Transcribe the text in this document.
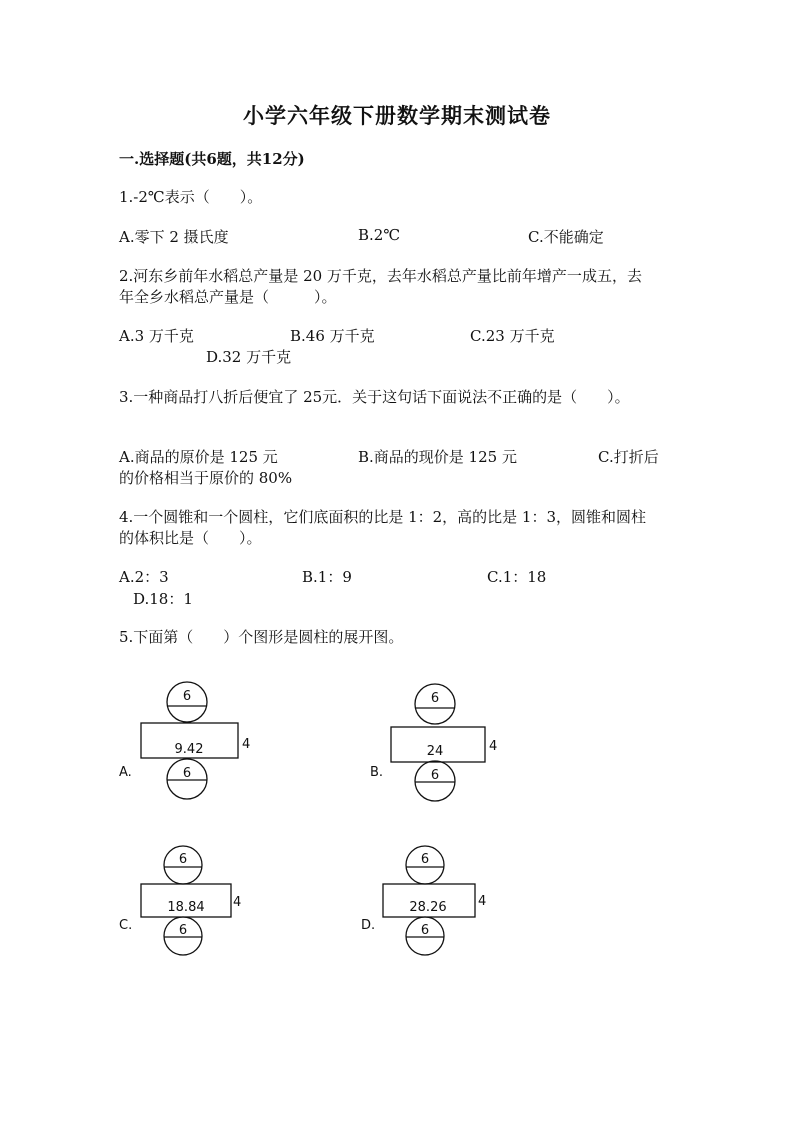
小学六年级下册数学期末测试卷
一.选择题(共6题，共12分)
1.-2℃表示（　　）。
A.零下 2 摄氏度	B.2℃	C.不能确定
2.河东乡前年水稻总产量是 20 万千克，去年水稻总产量比前年增产一成五，去
年全乡水稻总产量是（　　　）。
A.3 万千克	B.46 万千克	C.23 万千克
D.32 万千克
3.一种商品打八折后便宜了 25元．关于这句话下面说法不正确的是（　　）。
A.商品的原价是 125 元	B.商品的现价是 125 元	C.打折后
的价格相当于原价的 80%
4.一个圆锥和一个圆柱，它们底面积的比是 1：2，高的比是 1：3，圆锥和圆柱
的体积比是（　　）。
A.2：3	B.1：9	C.1：18
D.18：1
5.下面第（　　）个图形是圆柱的展开图。
A.
6
9.42	4
6	B.
6
24	4
6
C.
6
18.84 4
6	D.
6
28.26 4
6
